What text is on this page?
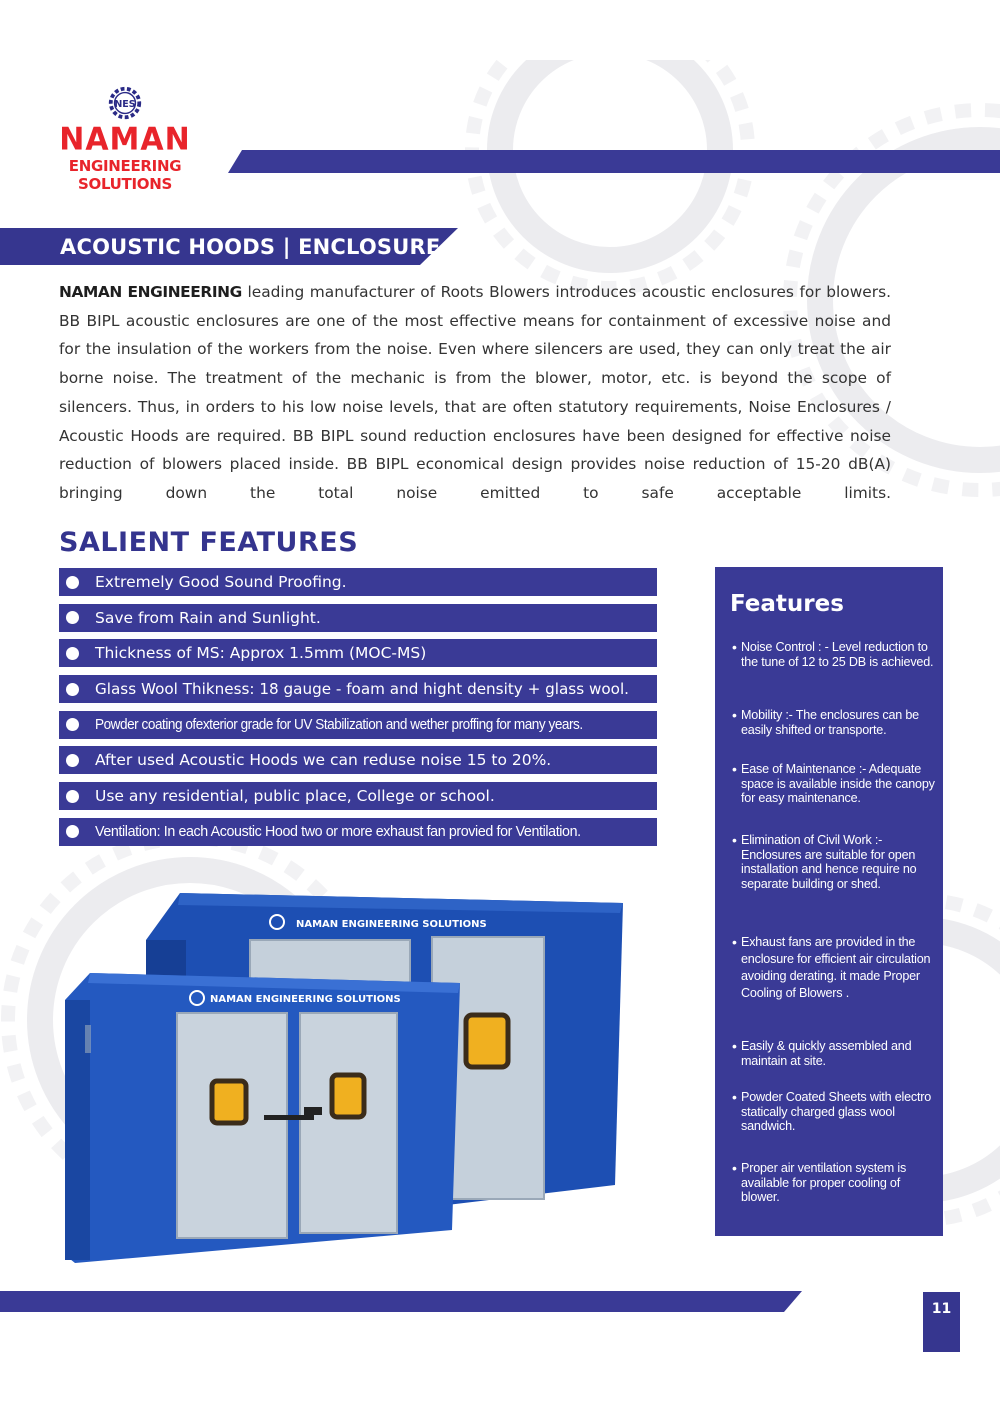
NES
NAMAN
ENGINEERING SOLUTIONS
ACOUSTIC HOODS | ENCLOSURE

NAMAN ENGINEERING leading manufacturer of Roots Blowers introduces acoustic enclosures for blowers. BB BIPL acoustic enclosures are one of the most effective means for containment of excessive noise and for the insulation of the workers from the noise. Even where silencers are used, they can only treat the air borne noise. The treatment of the mechanic is from the blower, motor, etc. is beyond the scope of silencers. Thus, in orders to his low noise levels, that are often statutory requirements, Noise Enclosures / Acoustic Hoods are required. BB BIPL sound reduction enclosures have been designed for effective noise reduction of blowers placed inside. BB BIPL economical design provides noise reduction of 15-20 dB(A) bringing down the total noise emitted to safe acceptable limits.

SALIENT FEATURES
Extremely Good Sound Proofing.
Save from Rain and Sunlight.
Thickness of MS: Approx 1.5mm (MOC-MS)
Glass Wool Thikness: 18 gauge - foam and hight density + glass wool.
Powder coating ofexterior grade for UV Stabilization and wether proffing for many years.
After used Acoustic Hoods we can reduse noise 15 to 20%.
Use any residential, public place, College or school.
Ventilation: In each Acoustic Hood two or more exhaust fan provied for Ventilation.
Features
• Noise Control : - Level reduction to the tune of 12 to 25 DB is achieved.
• Mobility :- The enclosures can be easily shifted or transporte.
• Ease of Maintenance :- Adequate space is available inside the canopy for easy maintenance.
• Elimination of Civil Work :- Enclosures are suitable for open installation and hence require no separate building or shed.
• Exhaust fans are provided in the enclosure for efficient air circulation avoiding derating. it made Proper Cooling of Blowers .
• Easily & quickly assembled and maintain at site.
• Powder Coated Sheets with electro statically charged glass wool sandwich.
• Proper air ventilation system is available for proper cooling of blower.
NAMAN ENGINEERING SOLUTIONS
NAMAN ENGINEERING SOLUTIONS
11
